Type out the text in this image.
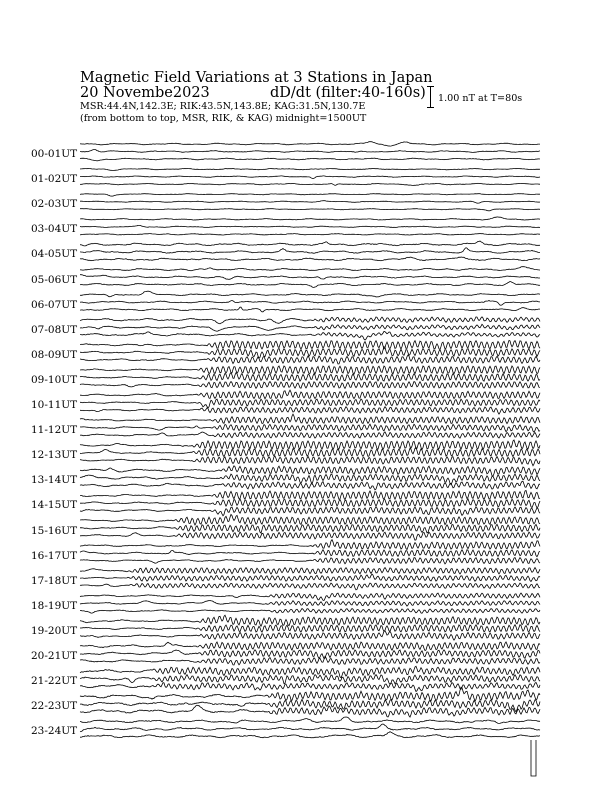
Magnetic Field Variations at 3 Stations in Japan
20 Novembe2023	dD/dt (filter:40-160s)
MSR:44.4N,142.3E; RIK:43.5N,143.8E; KAG:31.5N,130.7E
(from bottom to top, MSR, RIK, & KAG) midnight=1500UT
1.00 nT at T=80s
00-01UT
01-02UT
02-03UT
03-04UT
04-05UT
05-06UT
06-07UT
07-08UT
08-09UT
09-10UT
10-11UT
11-12UT
12-13UT
13-14UT
14-15UT
15-16UT
16-17UT
17-18UT
18-19UT
19-20UT
20-21UT
21-22UT
22-23UT
23-24UT
